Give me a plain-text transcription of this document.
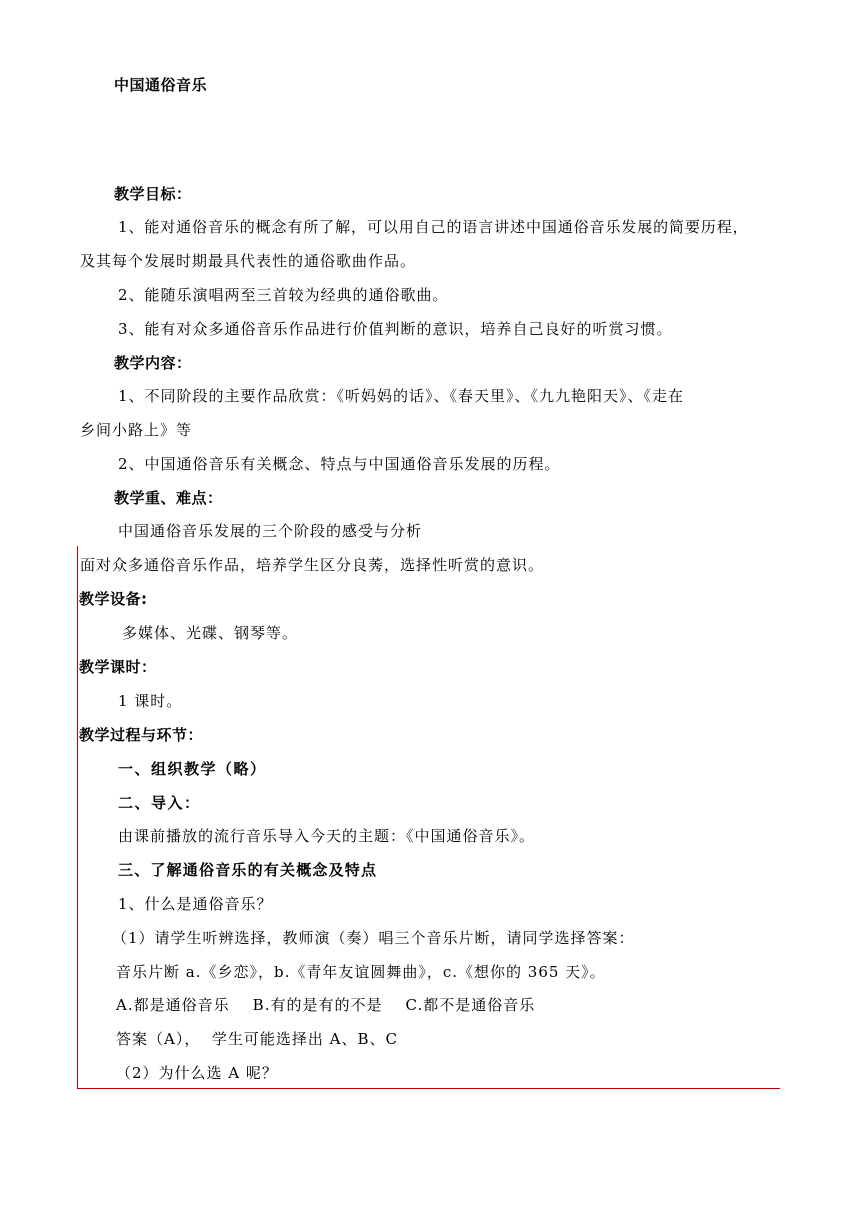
中国通俗音乐
教学目标：
1、能对通俗音乐的概念有所了解，可以用自己的语言讲述中国通俗音乐发展的简要历程，
及其每个发展时期最具代表性的通俗歌曲作品。
2、能随乐演唱两至三首较为经典的通俗歌曲。
3、能有对众多通俗音乐作品进行价值判断的意识，培养自己良好的听赏习惯。
教学内容：
1、不同阶段的主要作品欣赏：《听妈妈的话》、《春天里》、《九九艳阳天》、《走在
乡间小路上》等
2、中国通俗音乐有关概念、特点与中国通俗音乐发展的历程。
教学重、难点：
中国通俗音乐发展的三个阶段的感受与分析
面对众多通俗音乐作品，培养学生区分良莠，选择性听赏的意识。
教学设备:
多媒体、光碟、钢琴等。
教学课时：
1 课时。
教学过程与环节：
一、组织教学（略）
二、导入：
由课前播放的流行音乐导入今天的主题：《中国通俗音乐》。
三、了解通俗音乐的有关概念及特点
1、什么是通俗音乐？
（1）请学生听辨选择，教师演（奏）唱三个音乐片断，请同学选择答案：
音乐片断 a.《乡恋》，b.《青年友谊圆舞曲》，c.《想你的 365 天》。
A.都是通俗音乐    B.有的是有的不是    C.都不是通俗音乐
答案（A），  学生可能选择出 A、B、C
（2）为什么选 A 呢？
